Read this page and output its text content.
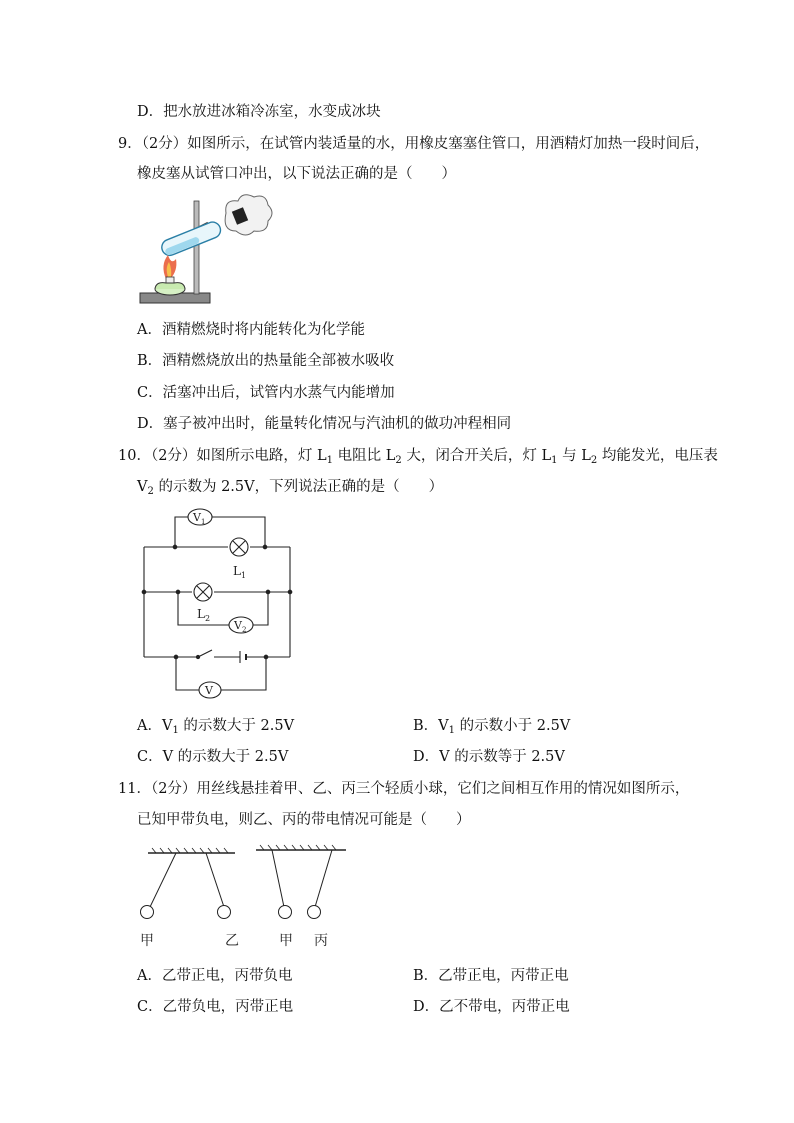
D．把水放进冰箱冷冻室，水变成冰块
9．（2分）如图所示，在试管内装适量的水，用橡皮塞塞住管口，用酒精灯加热一段时间后，
橡皮塞从试管口冲出，以下说法正确的是（　　）
A．酒精燃烧时将内能转化为化学能
B．酒精燃烧放出的热量能全部被水吸收
C．活塞冲出后，试管内水蒸气内能增加
D．塞子被冲出时，能量转化情况与汽油机的做功冲程相同
10．（2分）如图所示电路，灯 $L_1$ 电阻比 $L_2$ 大，闭合开关后，灯 $L_1$ 与 $L_2$ 均能发光，电压表
$V_2$ 的示数为 2.5V，下列说法正确的是（　　）
$V_1$
$L_1$
$L_2$
$V_2$
V
A．$V_1$ 的示数大于 2.5V	B．$V_1$ 的示数小于 2.5V
C．V 的示数大于 2.5V	D．V 的示数等于 2.5V
11．（2分）用丝线悬挂着甲、乙、丙三个轻质小球，它们之间相互作用的情况如图所示，
已知甲带负电，则乙、丙的带电情况可能是（　　）
甲	乙	甲 丙
A．乙带正电，丙带负电	B．乙带正电，丙带正电
C．乙带负电，丙带正电	D．乙不带电，丙带正电
